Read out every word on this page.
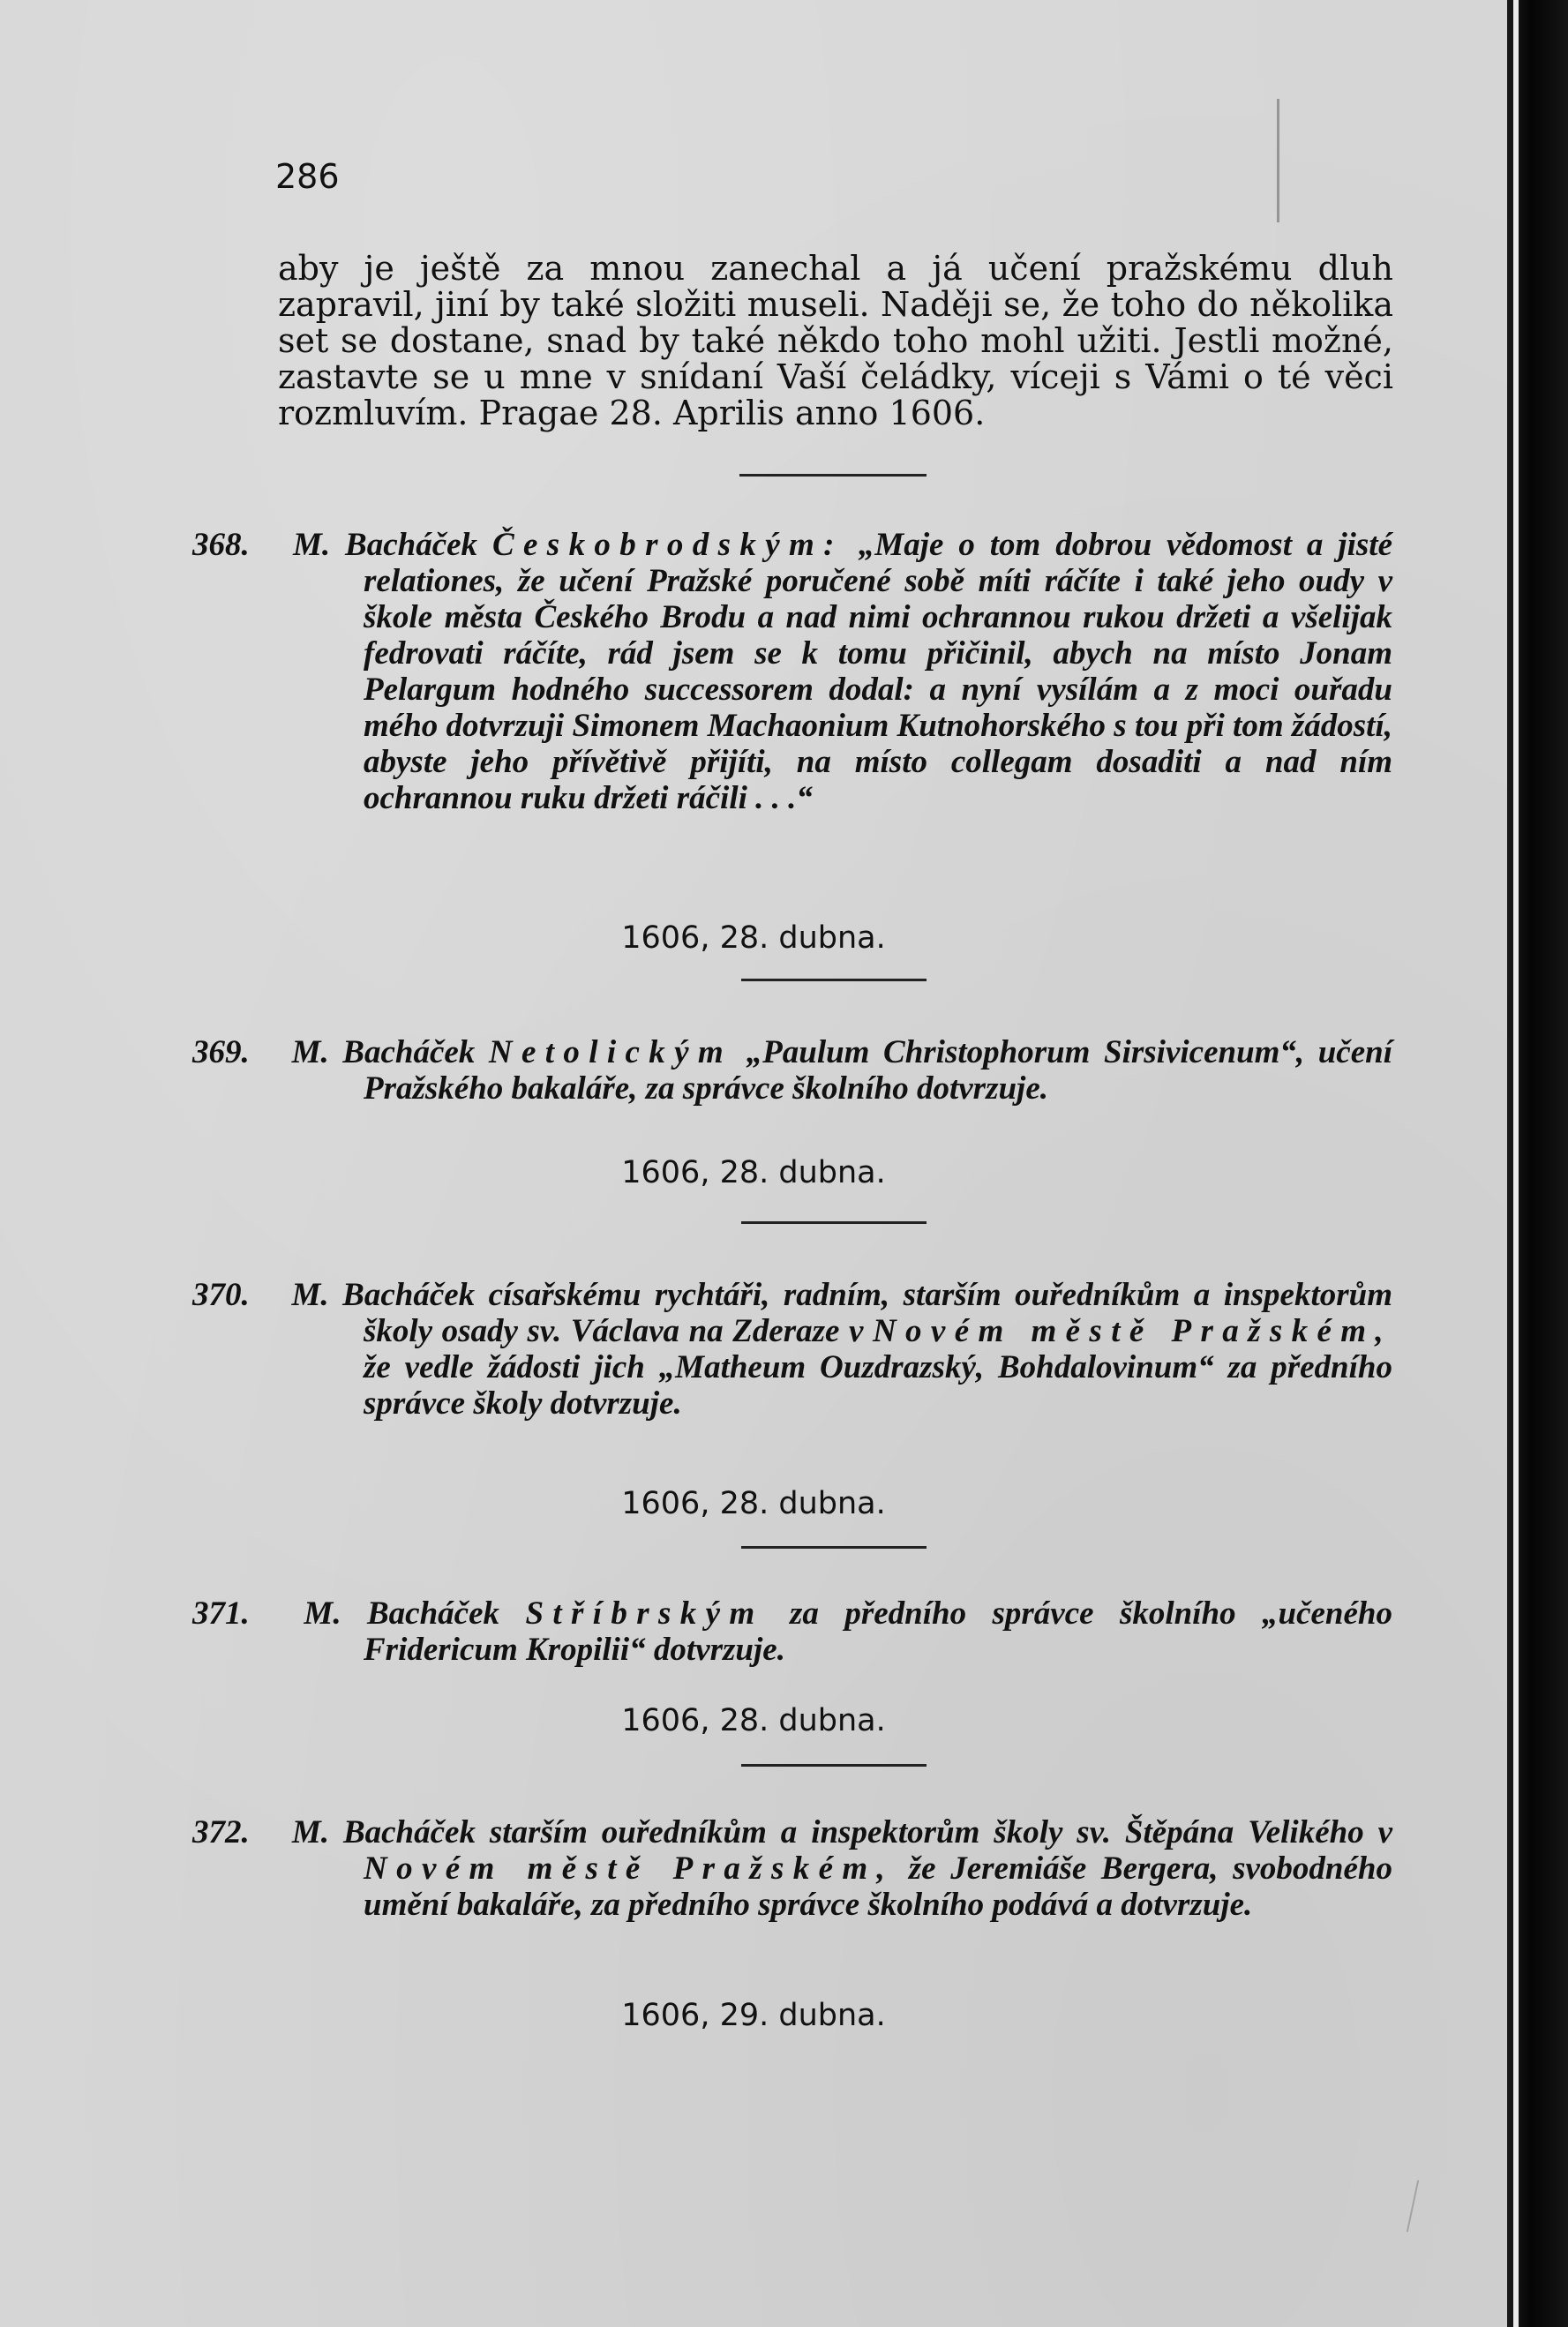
286
aby je ještě za mnou zanechal a já učení pražskému dluh zapravil, jiní by také složiti museli. Naději se, že toho do několika set se dostane, snad by také někdo toho mohl užiti. Jestli možné, zastavte se u mne v snídaní Vaší čeládky, víceji s Vámi o té věci rozmluvím. Pragae 28. Aprilis anno 1606.
368. M. Bacháček Českobrodským: „Maje o tom dobrou vědomost a jisté relationes, že učení Pražské poručené sobě míti ráčíte i také jeho oudy v škole města Českého Brodu a nad nimi ochrannou rukou držeti a všelijak fedrovati ráčíte, rád jsem se k tomu přičinil, abych na místo Jonam Pelargum hodného successorem dodal: a nyní vysílám a z moci ouřadu mého dotvrzuji Simonem Machaonium Kutnohorského s tou při tom žádostí, abyste jeho přívětivě přijíti, na místo collegam dosaditi a nad ním ochrannou ruku držeti ráčili . . .“
1606, 28. dubna.
369. M. Bacháček Netolickým „Paulum Christophorum Sirsivicenum“, učení Pražského bakaláře, za správce školního dotvrzuje.
1606, 28. dubna.
370. M. Bacháček císařskému rychtáři, radním, starším ouředníkům a inspektorům školy osady sv. Václava na Zderaze v Novém městě Pražském, že vedle žádosti jich „Matheum Ouzdrazský, Bohdalovinum“ za předního správce školy dotvrzuje.
1606, 28. dubna.
371. M. Bacháček Stříbrským za předního správce školního „učeného Fridericum Kropilii“ dotvrzuje.
1606, 28. dubna.
372. M. Bacháček starším ouředníkům a inspektorům školy sv. Štěpána Velikého v Novém městě Pražském, že Jeremiáše Bergera, svobodného umění bakaláře, za předního správce školního podává a dotvrzuje.
1606, 29. dubna.
